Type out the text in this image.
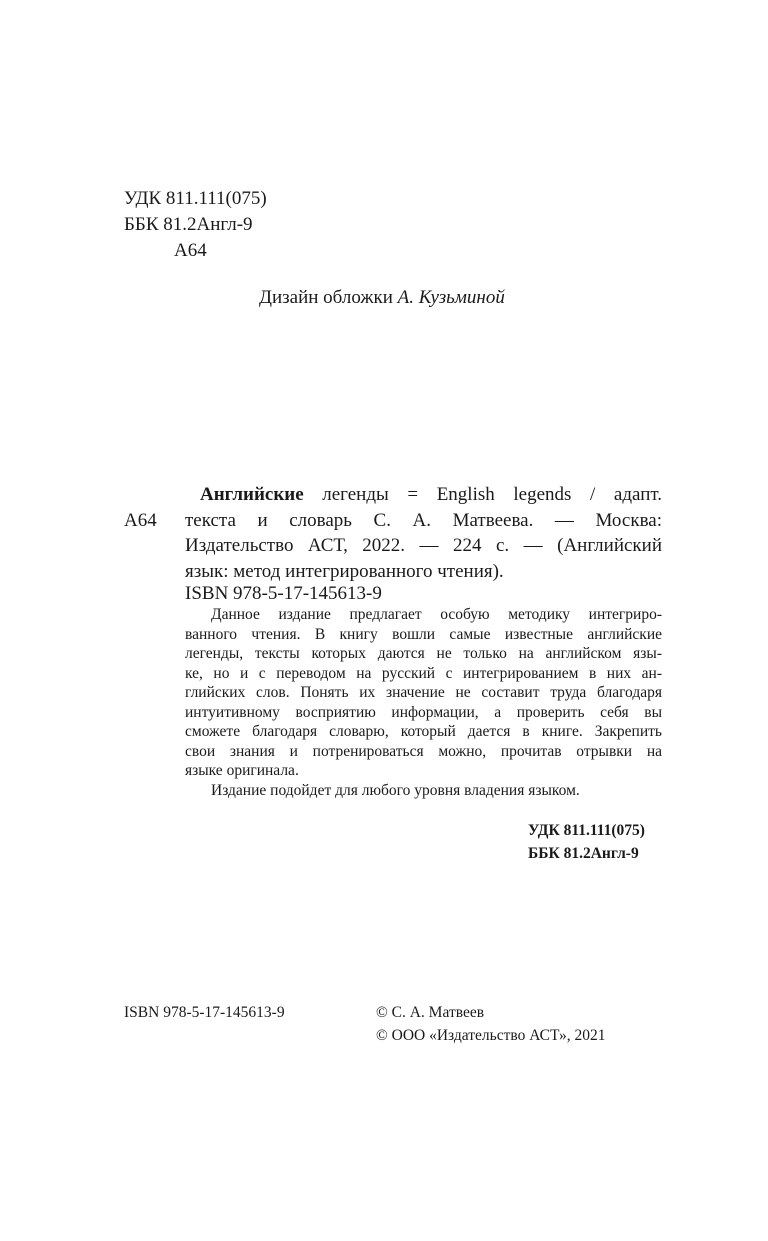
УДК 811.111(075)
ББК 81.2Англ-9
А64
Дизайн обложки А. Кузьминой
А64
Английские легенды = English legends / адапт.
текста и словарь С. А. Матвеева. — Москва:
Издательство АСТ, 2022. — 224 с. — (Английский
язык: метод интегрированного чтения).
ISBN 978-5-17-145613-9
Данное издание предлагает особую методику интегриро-
ванного чтения. В книгу вошли самые известные английские
легенды, тексты которых даются не только на английском язы-
ке, но и с переводом на русский с интегрированием в них ан-
глийских слов. Понять их значение не составит труда благодаря
интуитивному восприятию информации, а проверить себя вы
сможете благодаря словарю, который дается в книге. Закрепить
свои знания и потренироваться можно, прочитав отрывки на
языке оригинала.
Издание подойдет для любого уровня владения языком.
УДК 811.111(075)
ББК 81.2Англ-9
ISBN 978-5-17-145613-9	© С. А. Матвеев
© ООО «Издательство АСТ», 2021
